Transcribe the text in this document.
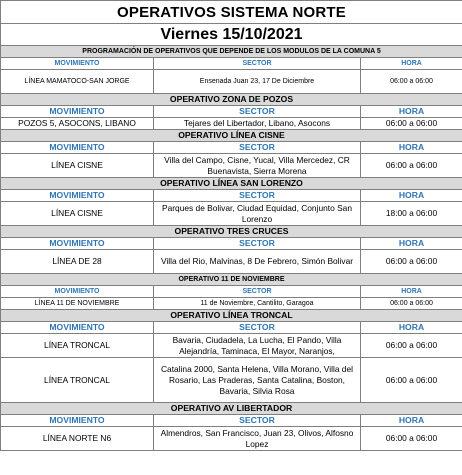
OPERATIVOS SISTEMA NORTE		
Viernes 15/10/2021		
PROGRAMACIÓN DE OPERATIVOS QUE DEPENDE DE LOS MODULOS DE LA COMUNA 5		
MOVIMIENTO	SECTOR	HORA
LÍNEA MAMATOCO-SAN JORGE	Ensenada Juan 23, 17 De Diciembre	06:00 a 06:00
OPERATIVO ZONA DE POZOS		
MOVIMIENTO	SECTOR	HORA
POZOS 5, ASOCONS, LIBANO	Tejares del Libertador, Libano, Asocons	06:00 a 06:00
OPERATIVO LÍNEA CISNE		
MOVIMIENTO	SECTOR	HORA
LÍNEA CISNE	Villa del Campo, Cisne, Yucal, Villa Mercedez, CR Buenavista, Sierra Morena	06:00 a 06:00
OPERATIVO LÍNEA SAN LORENZO		
MOVIMIENTO	SECTOR	HORA
LÍNEA CISNE	Parques de Bolivar, Ciudad Equidad, Conjunto San Lorenzo	18:00 a 06:00
OPERATIVO TRES CRUCES		
MOVIMIENTO	SECTOR	HORA
LÍNEA DE 28	Villa del Rio, Malvinas, 8 De Febrero, Simón Bolivar	06:00 a 06:00
OPERATIVO 11 DE NOVIEMBRE		
MOVIMIENTO	SECTOR	HORA
LÍNEA 11 DE NOVIEMBRE	11 de Noviembre, Cantilito, Garagoa	06:00 a 06:00
OPERATIVO LÍNEA TRONCAL		
MOVIMIENTO	SECTOR	HORA
LÍNEA TRONCAL	Bavaria, Ciudadela, La Lucha, El Pando, Villa Alejandría, Taminaca, El Mayor, Naranjos,	06:00 a 06:00
LÍNEA TRONCAL	Catalina 2000, Santa Helena, Villa Morano, Villa del Rosario, Las Praderas, Santa Catalina, Boston, Bavaria, Silvia Rosa	06:00 a 06:00
OPERATIVO AV LIBERTADOR		
MOVIMIENTO	SECTOR	HORA
LÍNEA NORTE N6	Almendros, San Francisco, Juan 23, Olivos, Alfosno Lopez	06:00 a 06:00
